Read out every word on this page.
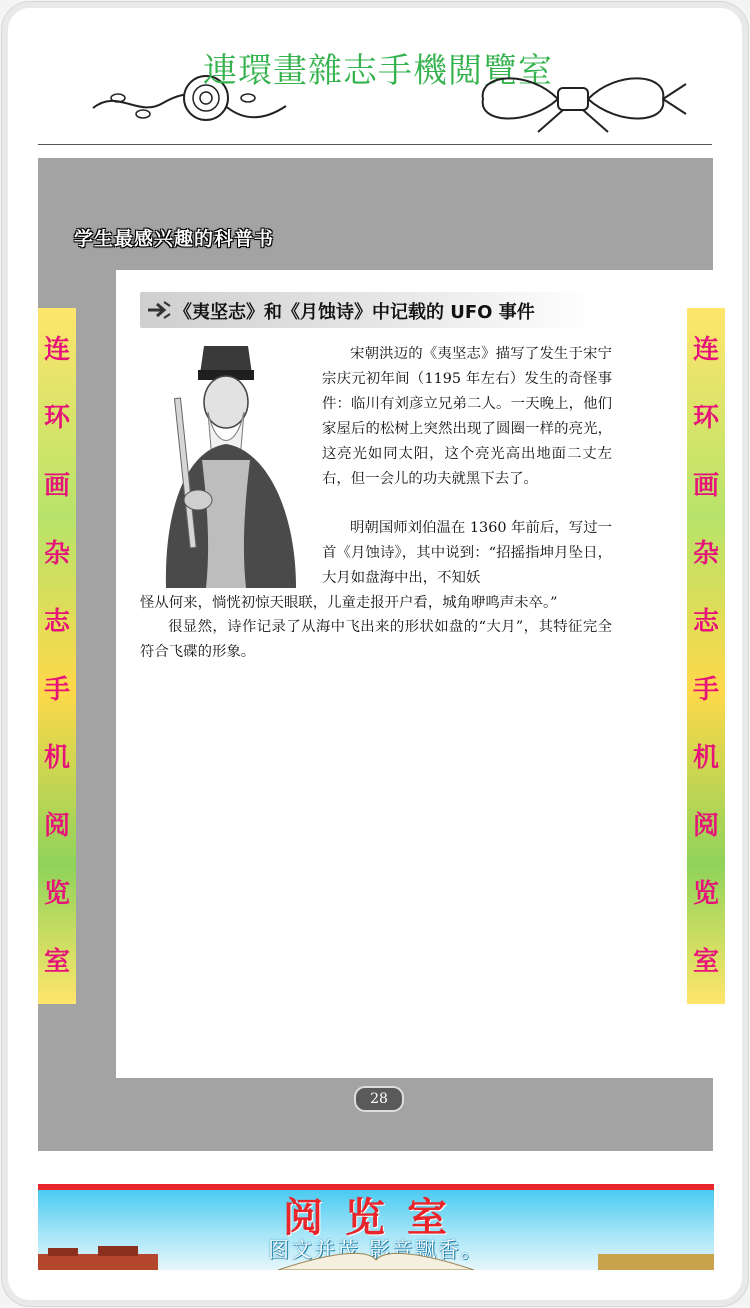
連環畫雜志手機閲覽室
学生最感兴趣的科普书
《夷坚志》和《月蚀诗》中记载的 UFO 事件

宋朝洪迈的《夷坚志》描写了发生于宋宁宗庆元初年间（1195 年左右）发生的奇怪事件：临川有刘彦立兄弟二人。一天晚上，他们家屋后的松树上突然出现了圆圈一样的亮光，这亮光如同太阳，这个亮光高出地面二丈左右，但一会儿的功夫就黑下去了。

明朝国师刘伯温在 1360 年前后，写过一首《月蚀诗》，其中说到：“招摇指坤月坠日，大月如盘海中出，不知妖

怪从何来，惝恍初惊天眼联，儿童走报开户看，城角咿鸣声未卒。”

很显然，诗作记录了从海中飞出来的形状如盘的“大月”，其特征完全符合飞碟的形象。

28
连
环
画
杂
志
手
机
阅
览
室
连
环
画
杂
志
手
机
阅
览
室
阅览室
图文并茂,影音飘香。
